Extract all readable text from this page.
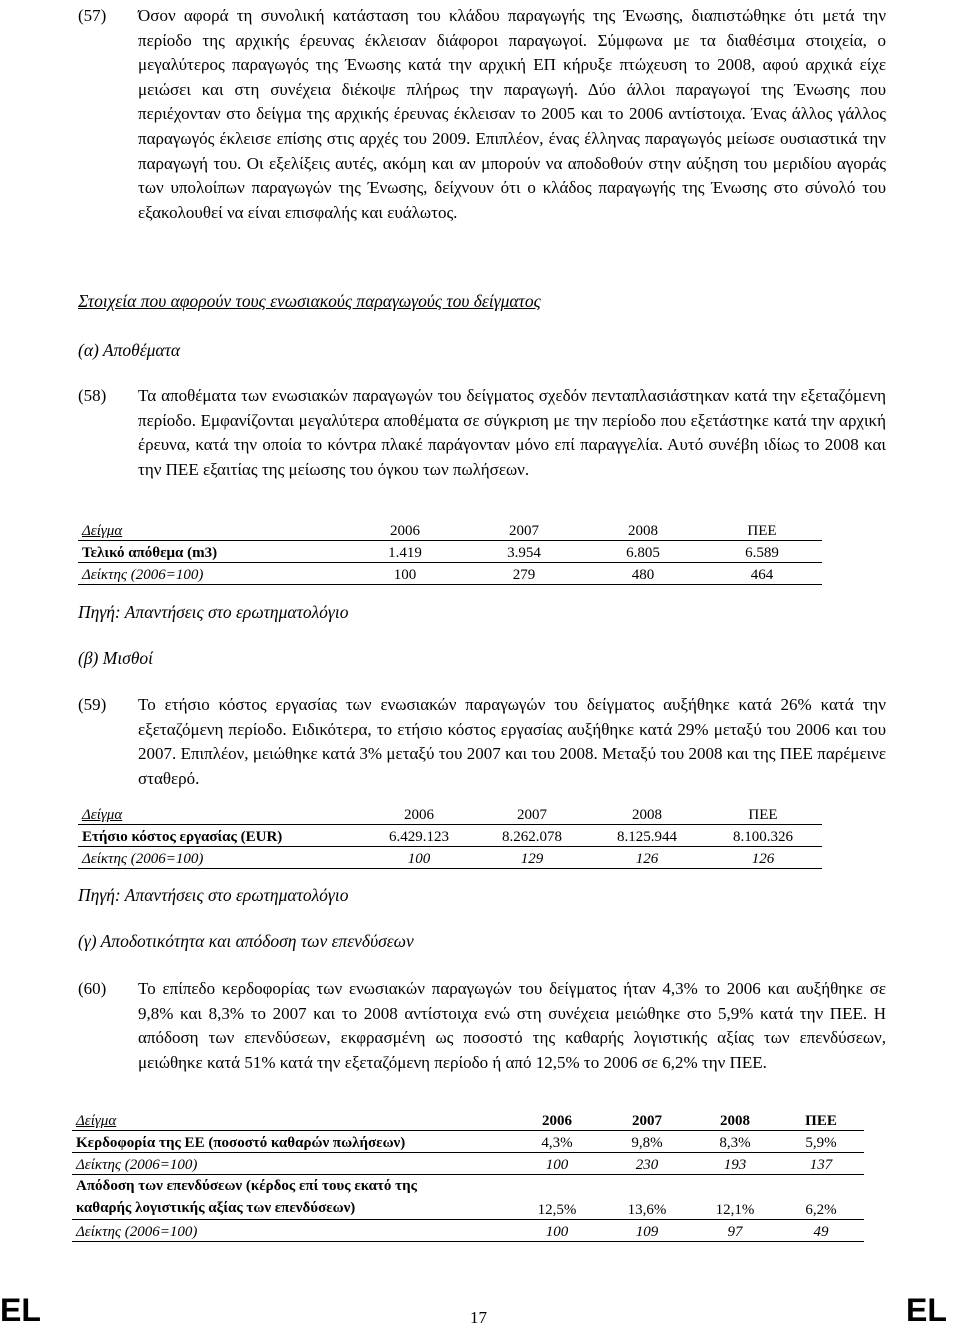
(57) Όσον αφορά τη συνολική κατάσταση του κλάδου παραγωγής της Ένωσης, διαπιστώθηκε ότι μετά την περίοδο της αρχικής έρευνας έκλεισαν διάφοροι παραγωγοί. Σύμφωνα με τα διαθέσιμα στοιχεία, ο μεγαλύτερος παραγωγός της Ένωσης κατά την αρχική ΕΠ κήρυξε πτώχευση το 2008, αφού αρχικά είχε μειώσει και στη συνέχεια διέκοψε πλήρως την παραγωγή. Δύο άλλοι παραγωγοί της Ένωσης που περιέχονταν στο δείγμα της αρχικής έρευνας έκλεισαν το 2005 και το 2006 αντίστοιχα. Ένας άλλος γάλλος παραγωγός έκλεισε επίσης στις αρχές του 2009. Επιπλέον, ένας έλληνας παραγωγός μείωσε ουσιαστικά την παραγωγή του. Οι εξελίξεις αυτές, ακόμη και αν μπορούν να αποδοθούν στην αύξηση του μεριδίου αγοράς των υπολοίπων παραγωγών της Ένωσης, δείχνουν ότι ο κλάδος παραγωγής της Ένωσης στο σύνολό του εξακολουθεί να είναι επισφαλής και ευάλωτος.
Στοιχεία που αφορούν τους ενωσιακούς παραγωγούς του δείγματος
(α) Αποθέματα
(58) Τα αποθέματα των ενωσιακών παραγωγών του δείγματος σχεδόν πενταπλασιάστηκαν κατά την εξεταζόμενη περίοδο. Εμφανίζονται μεγαλύτερα αποθέματα σε σύγκριση με την περίοδο που εξετάστηκε κατά την αρχική έρευνα, κατά την οποία το κόντρα πλακέ παράγονταν μόνο επί παραγγελία. Αυτό συνέβη ιδίως το 2008 και την ΠΕΕ εξαιτίας της μείωσης του όγκου των πωλήσεων.
Δείγμα	2006	2007	2008	ΠΕΕ
Τελικό απόθεμα (m3)	1.419	3.954	6.805	6.589
Δείκτης (2006=100)	100	279	480	464
Πηγή: Απαντήσεις στο ερωτηματολόγιο
(β) Μισθοί
(59) Το ετήσιο κόστος εργασίας των ενωσιακών παραγωγών του δείγματος αυξήθηκε κατά 26% κατά την εξεταζόμενη περίοδο. Ειδικότερα, το ετήσιο κόστος εργασίας αυξήθηκε κατά 29% μεταξύ του 2006 και του 2007. Επιπλέον, μειώθηκε κατά 3% μεταξύ του 2007 και του 2008. Μεταξύ του 2008 και της ΠΕΕ παρέμεινε σταθερό.
Δείγμα	2006	2007	2008	ΠΕΕ
Ετήσιο κόστος εργασίας (EUR)	6.429.123	8.262.078	8.125.944	8.100.326
Δείκτης (2006=100)	100	129	126	126
Πηγή: Απαντήσεις στο ερωτηματολόγιο
(γ) Αποδοτικότητα και απόδοση των επενδύσεων
(60) Το επίπεδο κερδοφορίας των ενωσιακών παραγωγών του δείγματος ήταν 4,3% το 2006 και αυξήθηκε σε 9,8% και 8,3% το 2007 και το 2008 αντίστοιχα ενώ στη συνέχεια μειώθηκε στο 5,9% κατά την ΠΕΕ. Η απόδοση των επενδύσεων, εκφρασμένη ως ποσοστό της καθαρής λογιστικής αξίας των επενδύσεων, μειώθηκε κατά 51% κατά την εξεταζόμενη περίοδο ή από 12,5% το 2006 σε 6,2% την ΠΕΕ.
Δείγμα	2006	2007	2008	ΠΕΕ
Κερδοφορία της ΕΕ (ποσοστό καθαρών πωλήσεων)	4,3%	9,8%	8,3%	5,9%
Δείκτης (2006=100)	100	230	193	137
Απόδοση των επενδύσεων (κέρδος επί τους εκατό της
καθαρής λογιστικής αξίας των επενδύσεων)	12,5%	13,6%	12,1%	6,2%
Δείκτης (2006=100)	100	109	97	49
EL	17	EL
